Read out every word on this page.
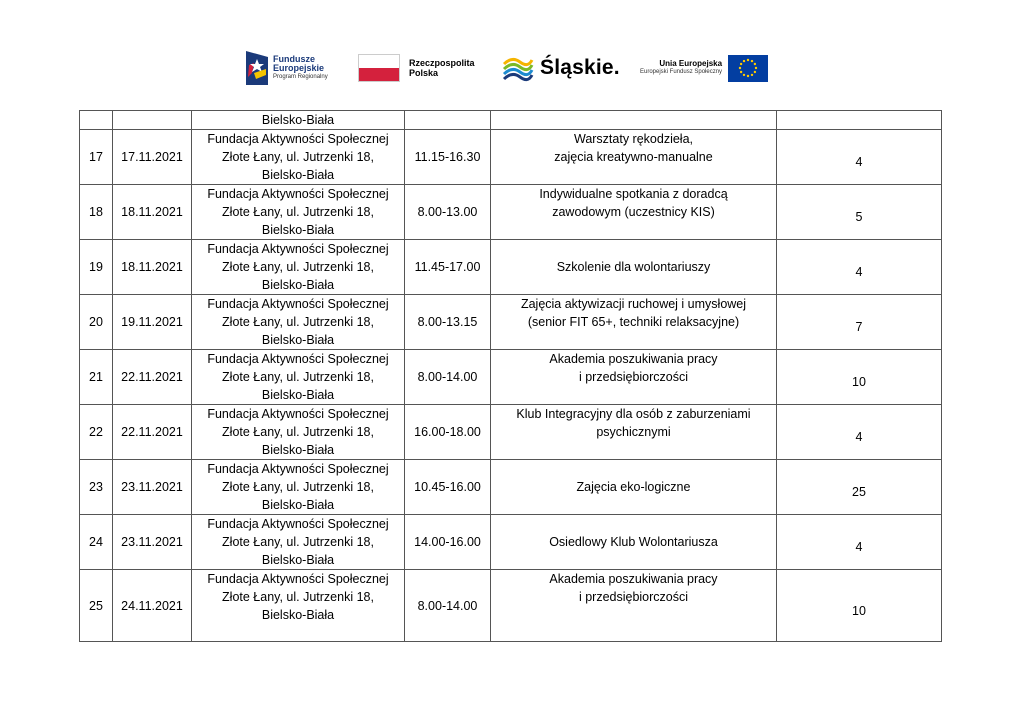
Fundusze
Europejskie
Program Regionalny
Rzeczpospolita
Polska	Śląskie.	Unia Europejska
Europejski Fundusz Społeczny
		Bielsko-Biała			
17	17.11.2021	Fundacja Aktywności Społecznej
Złote Łany, ul. Jutrzenki 18,
Bielsko-Biała	11.15-16.30	Warsztaty rękodzieła,
zajęcia kreatywno-manualne	4
18	18.11.2021	Fundacja Aktywności Społecznej
Złote Łany, ul. Jutrzenki 18,
Bielsko-Biała	8.00-13.00	Indywidualne spotkania z doradcą
zawodowym (uczestnicy KIS)	5
19	18.11.2021	Fundacja Aktywności Społecznej
Złote Łany, ul. Jutrzenki 18,
Bielsko-Biała	11.45-17.00	Szkolenie dla wolontariuszy	4
20	19.11.2021	Fundacja Aktywności Społecznej
Złote Łany, ul. Jutrzenki 18,
Bielsko-Biała	8.00-13.15	Zajęcia aktywizacji ruchowej i umysłowej
(senior FIT 65+, techniki relaksacyjne)	7
21	22.11.2021	Fundacja Aktywności Społecznej
Złote Łany, ul. Jutrzenki 18,
Bielsko-Biała	8.00-14.00	Akademia poszukiwania pracy
i przedsiębiorczości	10
22	22.11.2021	Fundacja Aktywności Społecznej
Złote Łany, ul. Jutrzenki 18,
Bielsko-Biała	16.00-18.00	Klub Integracyjny dla osób z zaburzeniami
psychicznymi	4
23	23.11.2021	Fundacja Aktywności Społecznej
Złote Łany, ul. Jutrzenki 18,
Bielsko-Biała	10.45-16.00	Zajęcia eko-logiczne	25
24	23.11.2021	Fundacja Aktywności Społecznej
Złote Łany, ul. Jutrzenki 18,
Bielsko-Biała	14.00-16.00	Osiedlowy Klub Wolontariusza	4
25	24.11.2021	Fundacja Aktywności Społecznej
Złote Łany, ul. Jutrzenki 18,
Bielsko-Biała	8.00-14.00	Akademia poszukiwania pracy
i przedsiębiorczości	10
